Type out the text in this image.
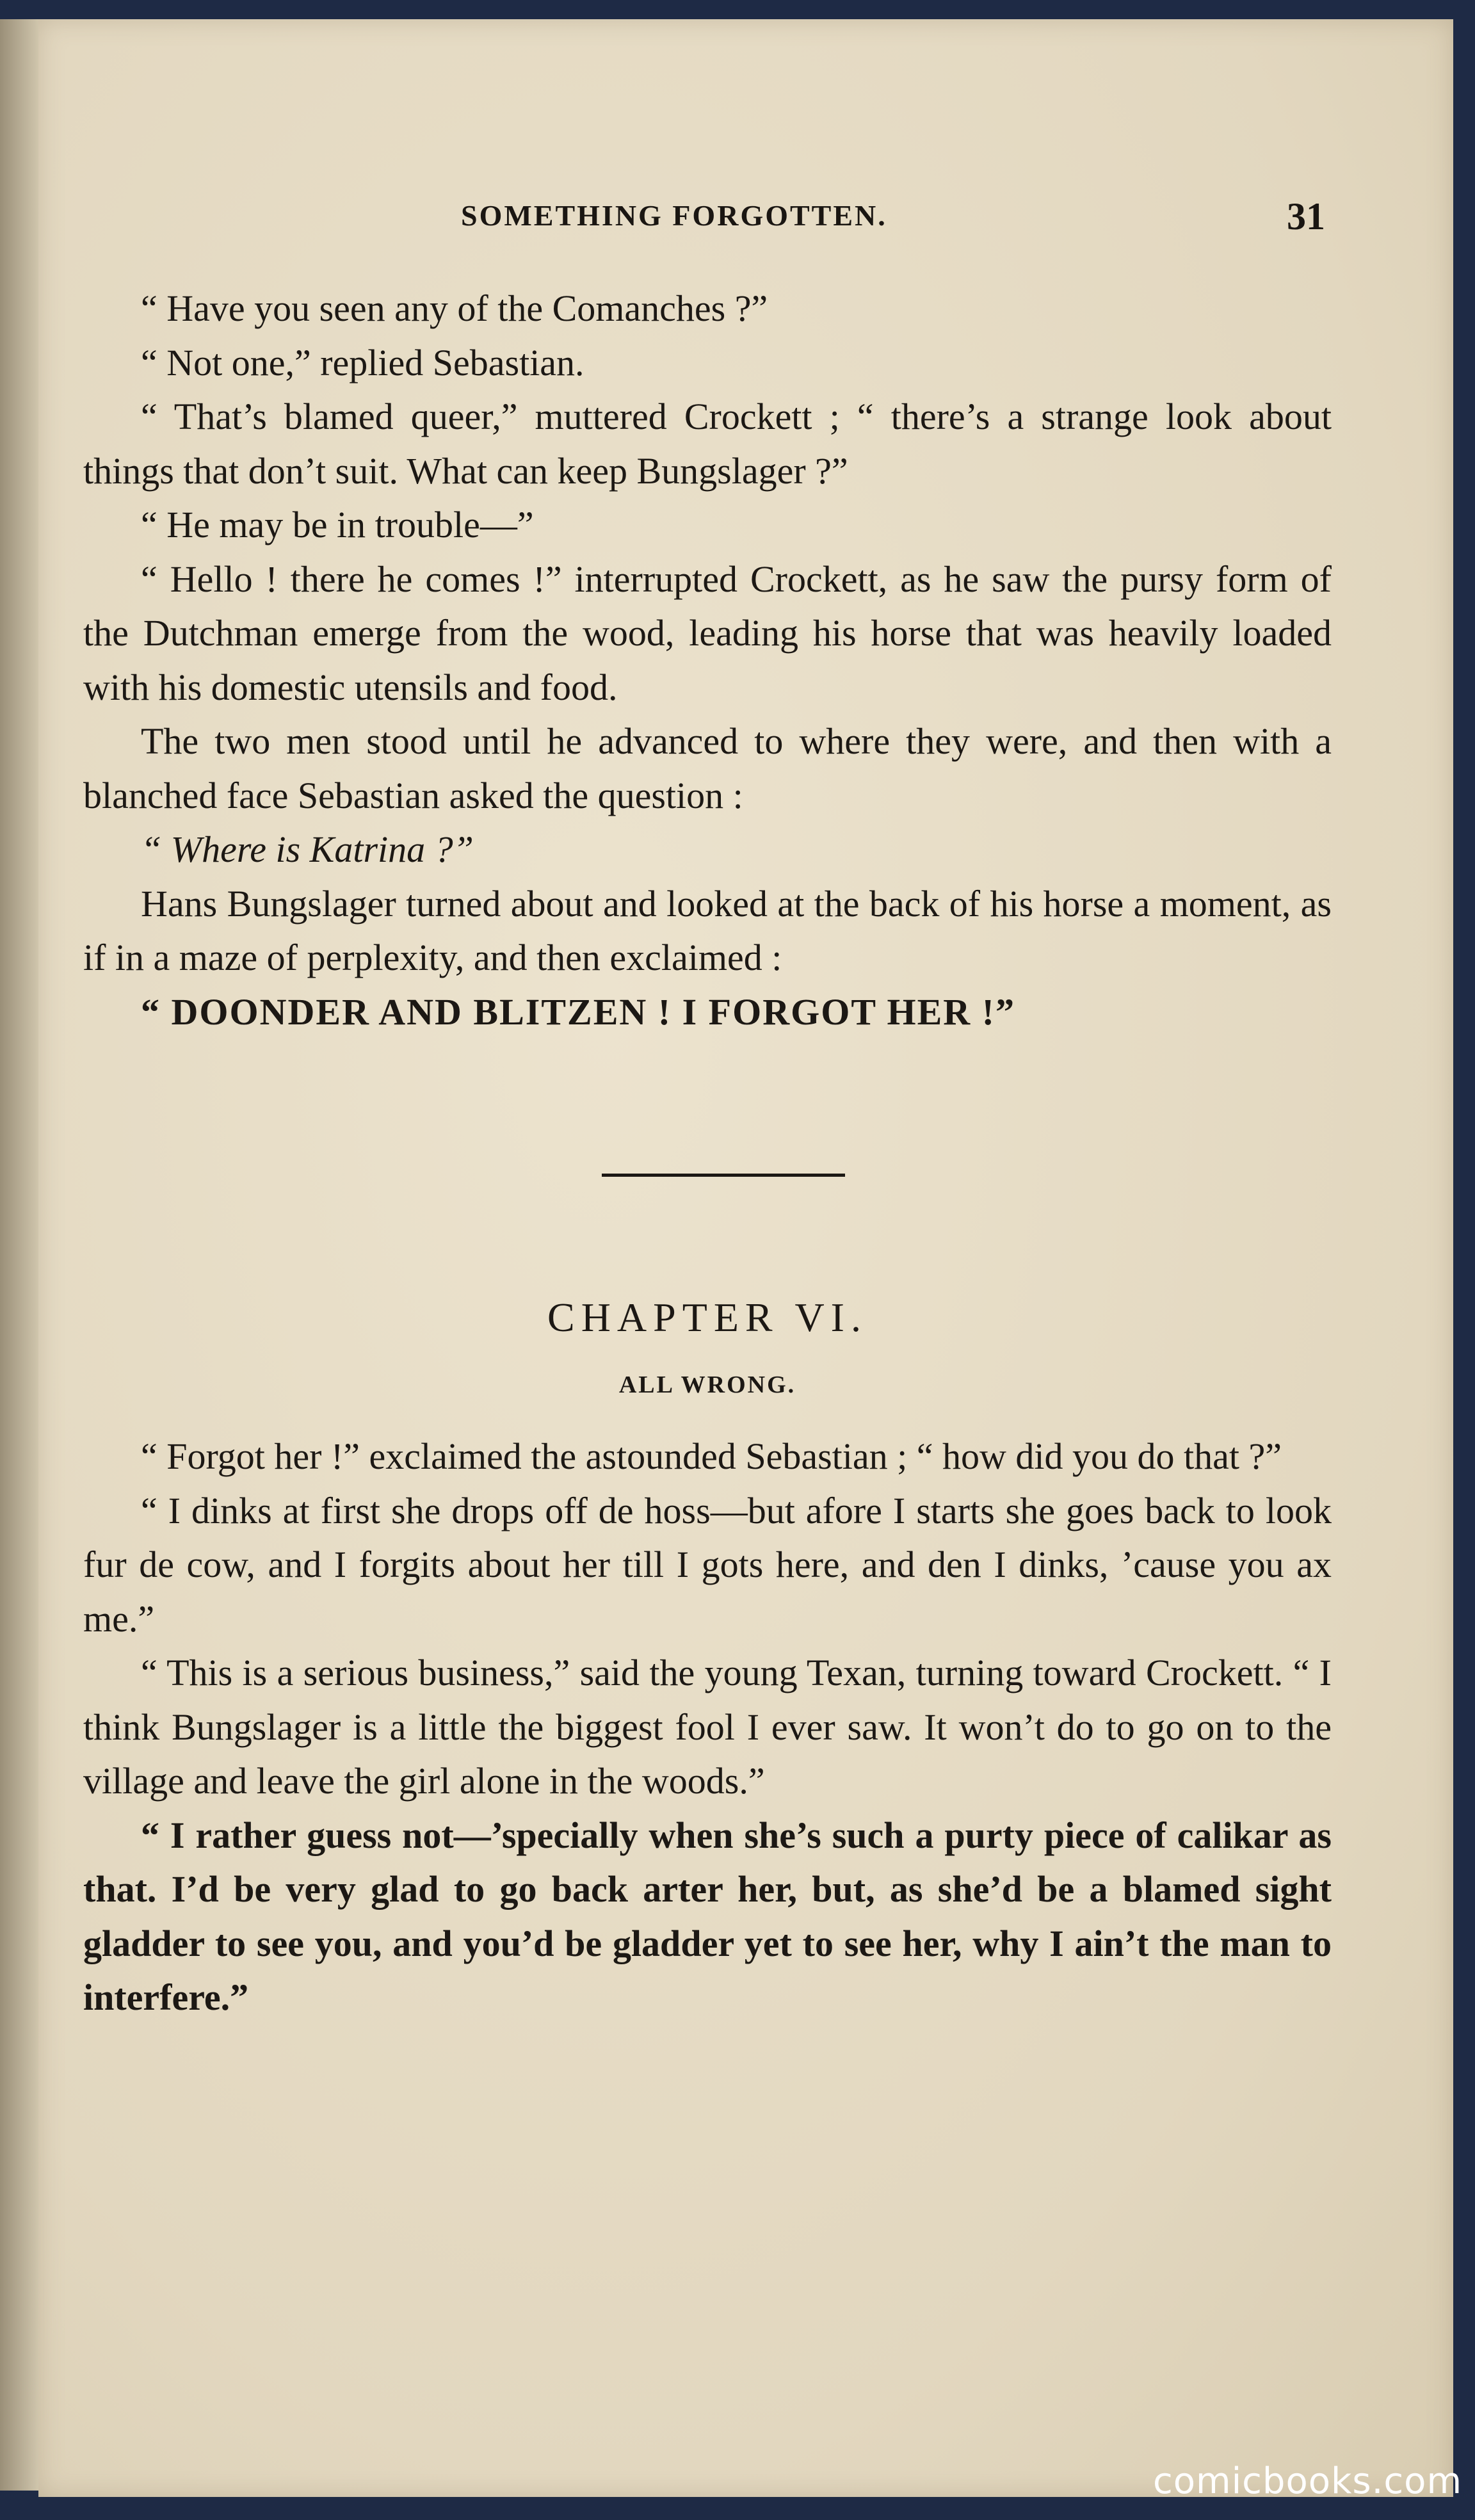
SOMETHING FORGOTTEN.	31

“ Have you seen any of the Comanches ?”

“ Not one,” replied Sebastian.

“ That’s blamed queer,” muttered Crockett ; “ there’s a strange look about things that don’t suit. What can keep Bungslager ?”

“ He may be in trouble—”

“ Hello ! there he comes !” interrupted Crockett, as he saw the pursy form of the Dutchman emerge from the wood, leading his horse that was heavily loaded with his domestic utensils and food.

The two men stood until he advanced to where they were, and then with a blanched face Sebastian asked the question :

“ Where is Katrina ?”

Hans Bungslager turned about and looked at the back of his horse a moment, as if in a maze of perplexity, and then exclaimed :

“ DOONDER AND BLITZEN ! I FORGOT HER !”

CHAPTER VI.
ALL WRONG.

“ Forgot her !” exclaimed the astounded Sebastian ; “ how did you do that ?”

“ I dinks at first she drops off de hoss—but afore I starts she goes back to look fur de cow, and I forgits about her till I gots here, and den I dinks, ’cause you ax me.”

“ This is a serious business,” said the young Texan, turning toward Crockett. “ I think Bungslager is a little the biggest fool I ever saw. It won’t do to go on to the village and leave the girl alone in the woods.”

“ I rather guess not—’specially when she’s such a purty piece of calikar as that. I’d be very glad to go back arter her, but, as she’d be a blamed sight gladder to see you, and you’d be gladder yet to see her, why I ain’t the man to interfere.”

comicbooks.com
